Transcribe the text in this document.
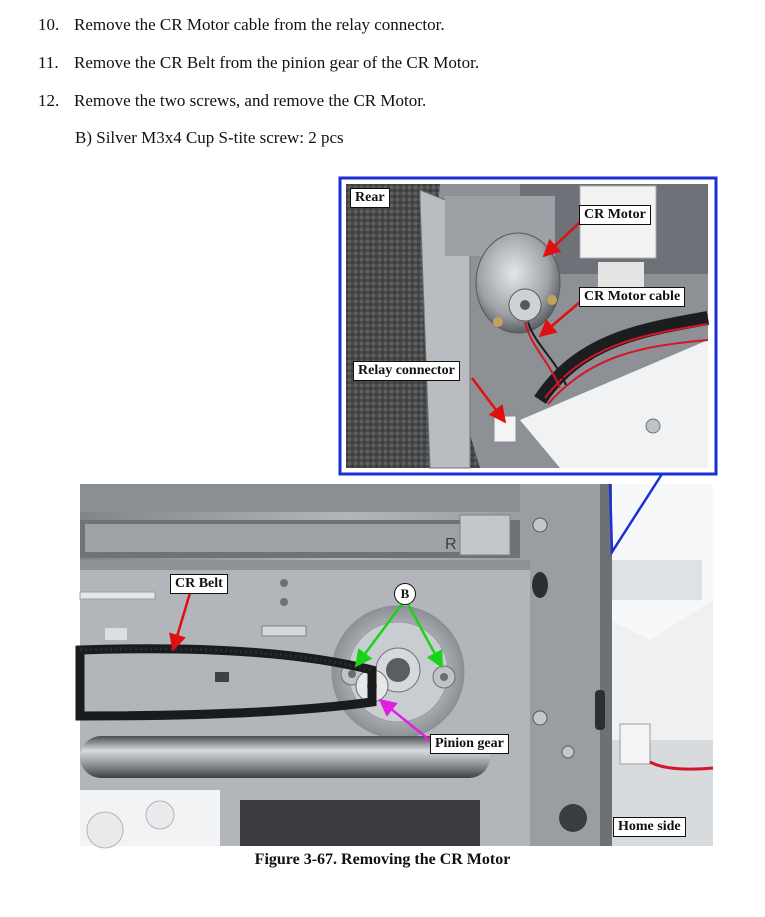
10. Remove the CR Motor cable from the relay connector.
11. Remove the CR Belt from the pinion gear of the CR Motor.
12. Remove the two screws, and remove the CR Motor.
B) Silver M3x4 Cup S-tite screw: 2 pcs
Rear
CR Motor
CR Motor cable
Relay connector
CR Belt
B
Pinion gear
Home side
R
Figure 3-67. Removing the CR Motor
